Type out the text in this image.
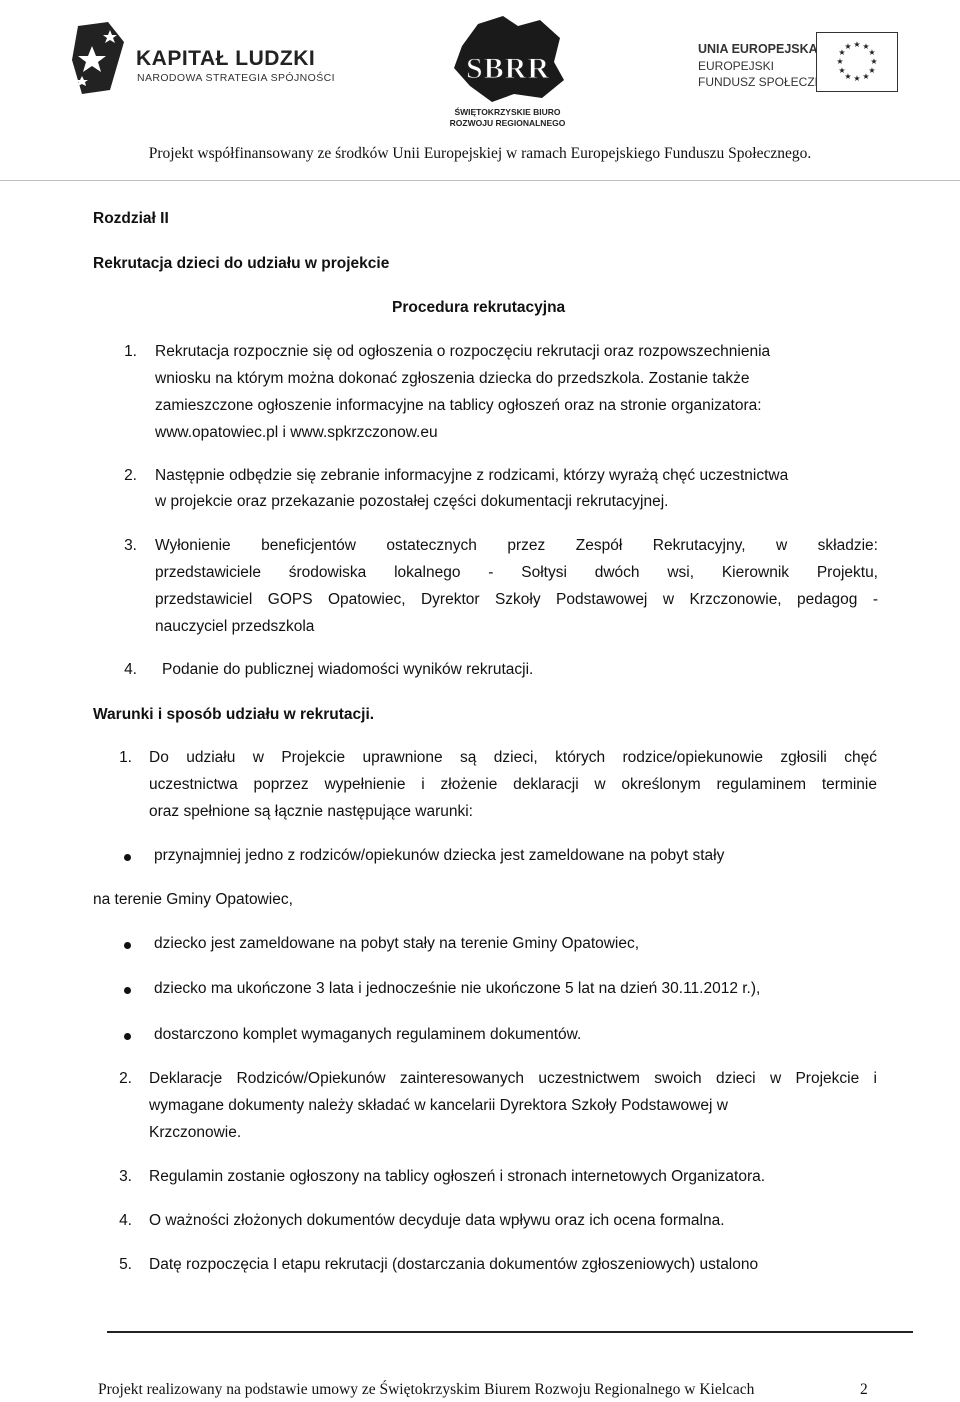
KAPITAŁ LUDZKI
NARODOWA STRATEGIA SPÓJNOŚCI	SBRR
ŚWIĘTOKRZYSKIE BIURO
ROZWOJU REGIONALNEGO
UNIA EUROPEJSKA
EUROPEJSKI
FUNDUSZ SPOŁECZNY
★ ★
★
★
★
★
★
★
★
★
★
★
Projekt współfinansowany ze środków Unii Europejskiej w ramach Europejskiego Funduszu Społecznego.
Rozdział II
Rekrutacja dzieci do udziału w projekcie
Procedura rekrutacyjna
1. Rekrutacja rozpocznie się od ogłoszenia o rozpoczęciu rekrutacji oraz rozpowszechnienia
wniosku na którym można dokonać zgłoszenia dziecka do przedszkola. Zostanie także
zamieszczone ogłoszenie informacyjne na tablicy ogłoszeń oraz na stronie organizatora:
www.opatowiec.pl i www.spkrzczonow.eu
2. Następnie odbędzie się zebranie informacyjne z rodzicami, którzy wyrażą chęć uczestnictwa
w projekcie oraz przekazanie pozostałej części dokumentacji rekrutacyjnej.
3. Wyłonienie beneficjentów ostatecznych przez Zespół Rekrutacyjny, w składzie:
przedstawiciele środowiska lokalnego - Sołtysi dwóch wsi, Kierownik Projektu,
przedstawiciel GOPS Opatowiec, Dyrektor Szkoły Podstawowej w Krzczonowie, pedagog -
nauczyciel przedszkola
4. Podanie do publicznej wiadomości wyników rekrutacji.
Warunki i sposób udziału w rekrutacji.
1. Do udziału w Projekcie uprawnione są dzieci, których rodzice/opiekunowie zgłosili chęć
uczestnictwa poprzez wypełnienie i złożenie deklaracji w określonym regulaminem terminie
oraz spełnione są łącznie następujące warunki:
przynajmniej jedno z rodziców/opiekunów dziecka jest zameldowane na pobyt stały
na terenie Gminy Opatowiec,
dziecko jest zameldowane na pobyt stały na terenie Gminy Opatowiec,
dziecko ma ukończone 3 lata i jednocześnie nie ukończone 5 lat na dzień 30.11.2012 r.),
dostarczono komplet wymaganych regulaminem dokumentów.
2. Deklaracje Rodziców/Opiekunów zainteresowanych uczestnictwem swoich dzieci w Projekcie i
wymagane dokumenty należy składać w kancelarii Dyrektora Szkoły Podstawowej w
Krzczonowie.
3. Regulamin zostanie ogłoszony na tablicy ogłoszeń i stronach internetowych Organizatora.
4. O ważności złożonych dokumentów decyduje data wpływu oraz ich ocena formalna.
5. Datę rozpoczęcia I etapu rekrutacji (dostarczania dokumentów zgłoszeniowych) ustalono
Projekt realizowany na podstawie umowy ze Świętokrzyskim Biurem Rozwoju Regionalnego w Kielcach	2
